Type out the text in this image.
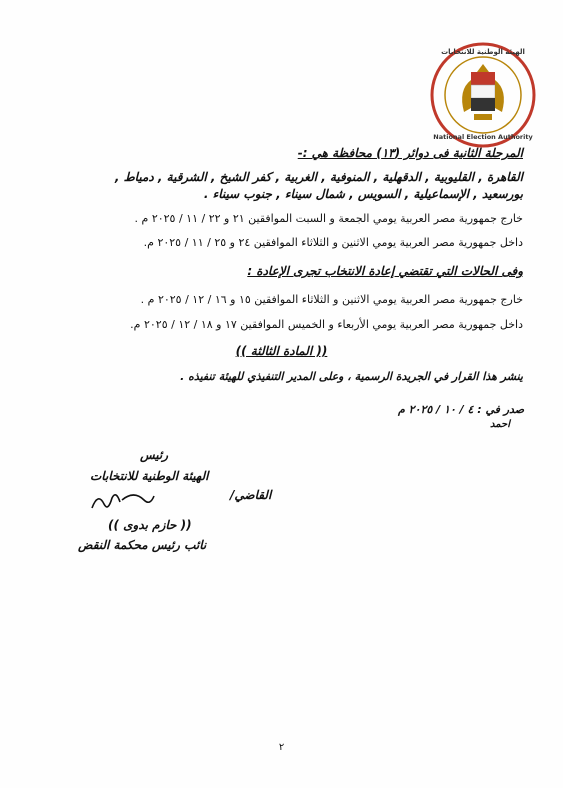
National Election Authority
الهيئة الوطنية للانتخابات
المرحلة الثانية فى دوائر (١٣) محافظة هي :-
القاهرة , القليوبية , الدقهلية , المنوفية , الغربية , كفر الشيخ , الشرقية , دمياط ,
بورسعيد , الإسماعيلية , السويس , شمال سيناء , جنوب سيناء .
خارج جمهورية مصر العربية يومي الجمعة و السبت الموافقين ٢١ و ٢٢ / ١١ / ٢٠٢٥ م .
داخل جمهورية مصر العربية يومي الاثنين و الثلاثاء الموافقين ٢٤ و ٢٥ / ١١ / ٢٠٢٥ م.
وفى الحالات التي تقتضي إعادة الانتخاب تجرى الإعادة :
خارج جمهورية مصر العربية يومي الاثنين و الثلاثاء الموافقين ١٥ و ١٦ / ١٢ / ٢٠٢٥ م .
داخل جمهورية مصر العربية يومي الأربعاء و الخميس الموافقين ١٧ و ١٨ / ١٢ / ٢٠٢٥ م.
(( المادة الثالثة ))
ينشر هذا القرار في الجريدة الرسمية ، وعلى المدير التنفيذي للهيئة تنفيذه .
صدر في : ٤ / ١٠ / ٢٠٢٥ م
احمد
رئيس
الهيئة الوطنية للانتخابات
القاضي/
(( حازم بدوى ))
نائب رئيس محكمة النقض
٢
